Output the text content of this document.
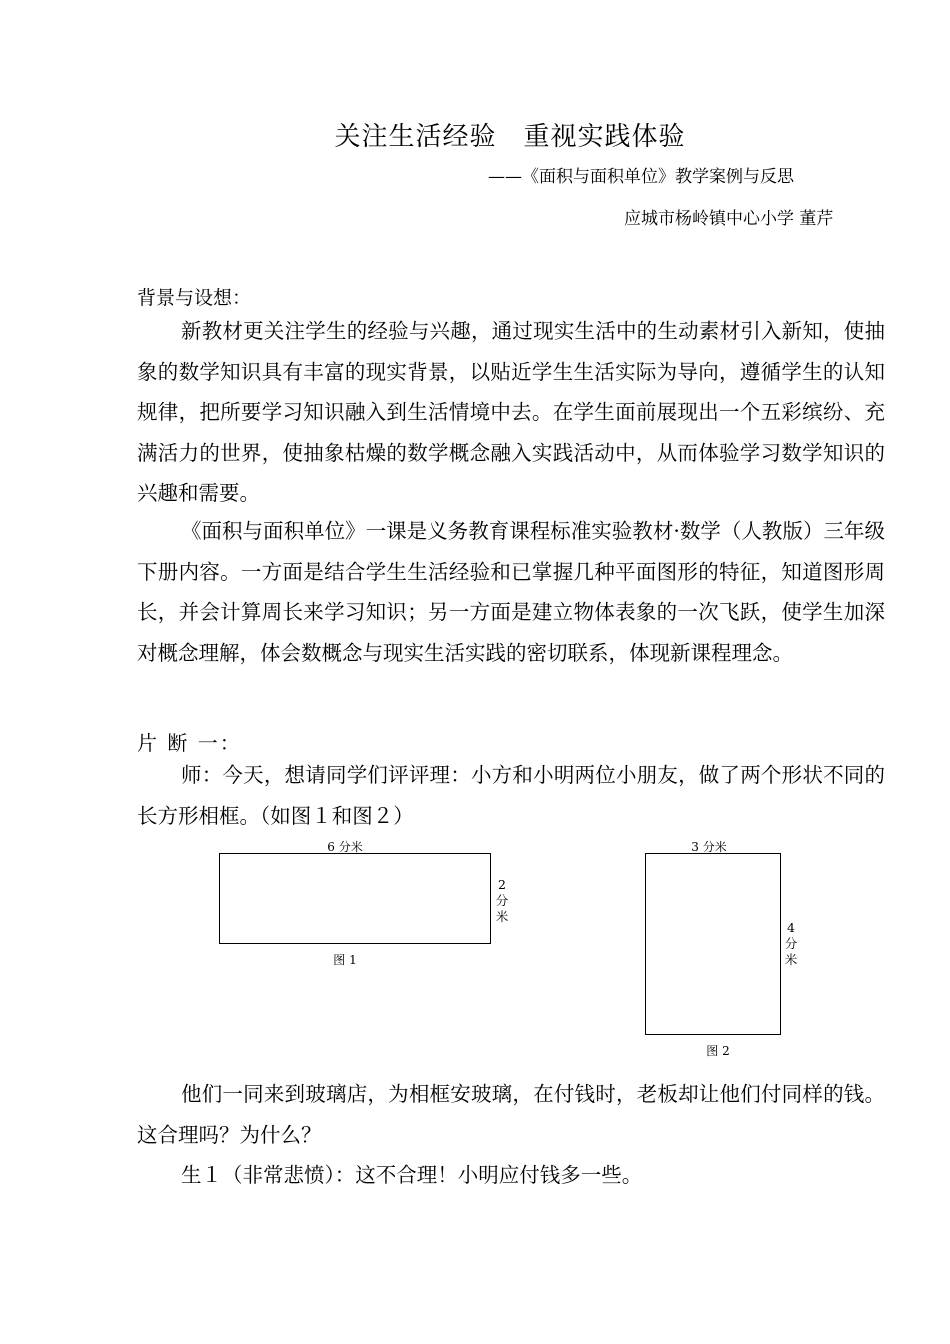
关注生活经验　重视实践体验
——《面积与面积单位》教学案例与反思
应城市杨岭镇中心小学 董芹
背景与设想：
新教材更关注学生的经验与兴趣，通过现实生活中的生动素材引入新知，使抽象的数学知识具有丰富的现实背景，以贴近学生生活实际为导向，遵循学生的认知规律，把所要学习知识融入到生活情境中去。在学生面前展现出一个五彩缤纷、充满活力的世界，使抽象枯燥的数学概念融入实践活动中，从而体验学习数学知识的兴趣和需要。
《面积与面积单位》一课是义务教育课程标准实验教材·数学（人教版）三年级下册内容。一方面是结合学生生活经验和已掌握几种平面图形的特征，知道图形周长，并会计算周长来学习知识；另一方面是建立物体表象的一次飞跃，使学生加深对概念理解，体会数概念与现实生活实践的密切联系，体现新课程理念。
片 断 一：
师：今天，想请同学们评评理：小方和小明两位小朋友，做了两个形状不同的长方形相框。（如图１和图２）
6 分米
2
分
米
图 1
3 分米
4
分
米
图 2
他们一同来到玻璃店，为相框安玻璃，在付钱时，老板却让他们付同样的钱。这合理吗？为什么？
生１（非常悲愤）：这不合理！小明应付钱多一些。
